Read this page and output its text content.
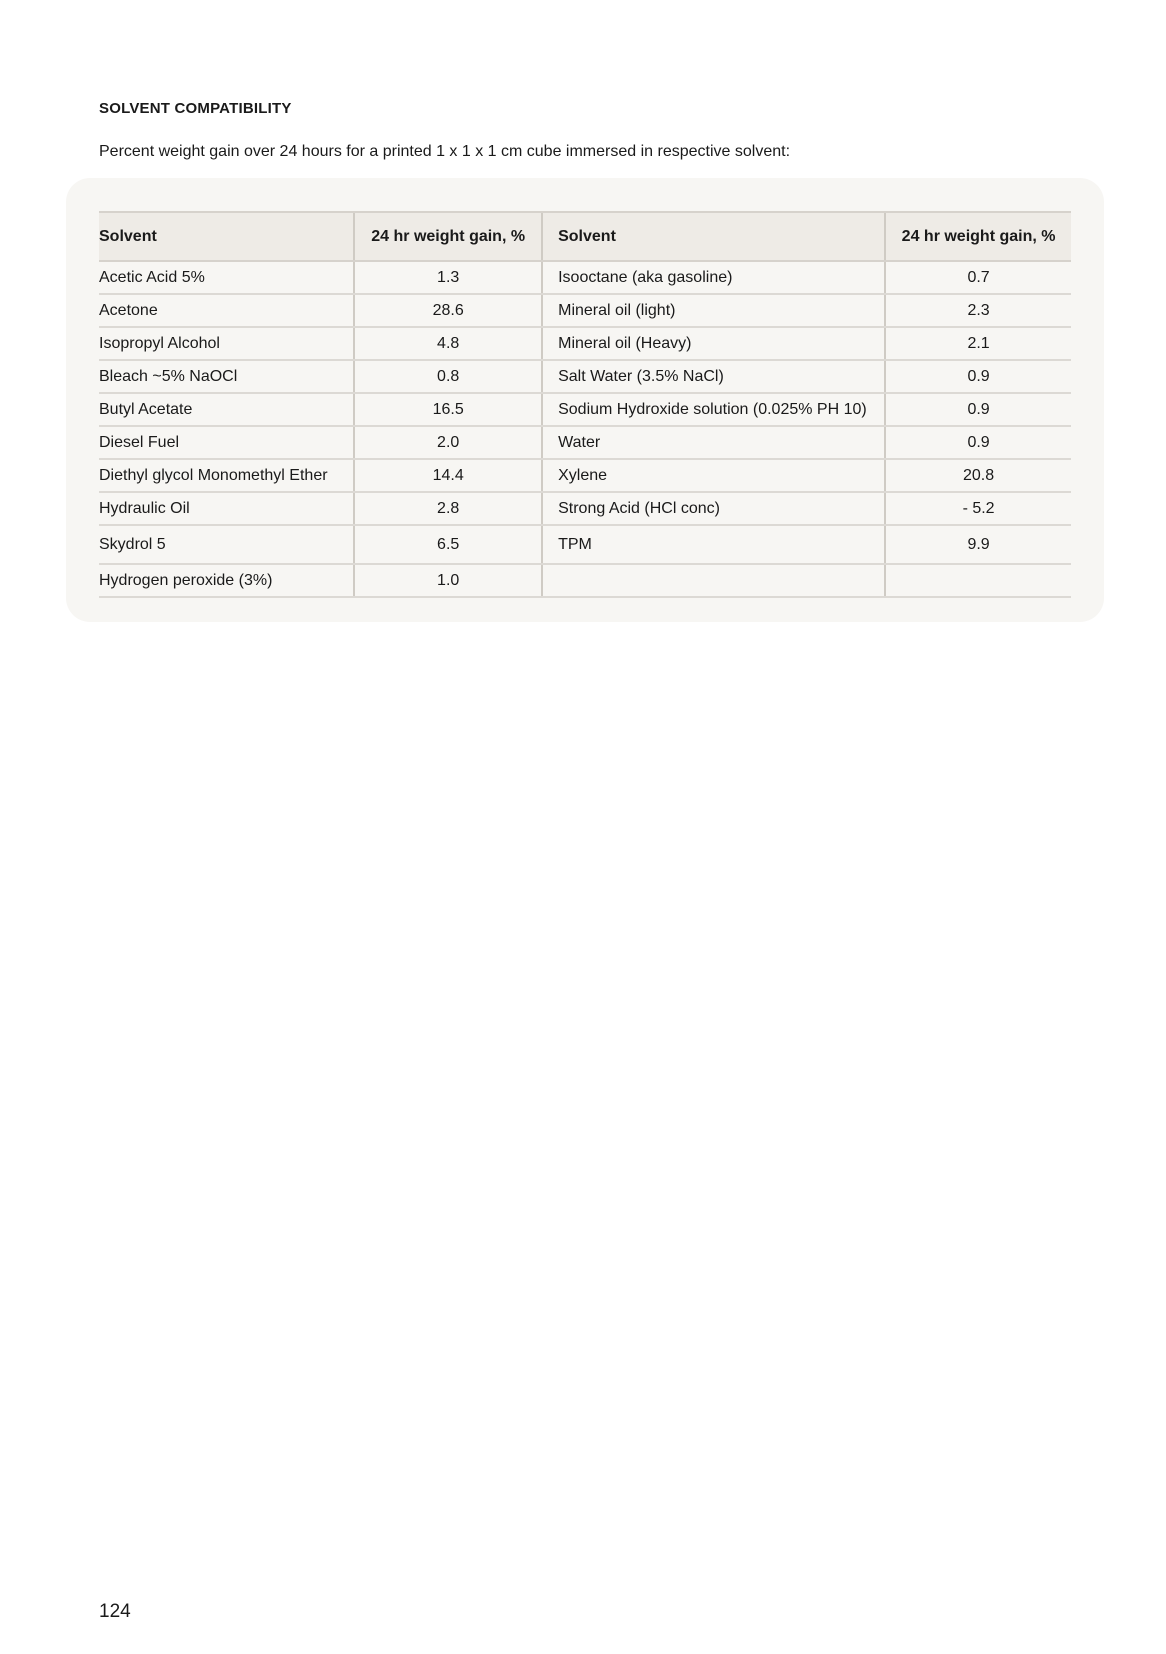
SOLVENT COMPATIBILITY
Percent weight gain over 24 hours for a printed 1 x 1 x 1 cm cube immersed in respective solvent:
Solvent	24 hr weight gain, %	Solvent	24 hr weight gain, %
Acetic Acid 5%	1.3	Isooctane (aka gasoline)	0.7
Acetone	28.6	Mineral oil (light)	2.3
Isopropyl Alcohol	4.8	Mineral oil (Heavy)	2.1
Bleach ~5% NaOCl	0.8	Salt Water (3.5% NaCl)	0.9
Butyl Acetate	16.5	Sodium Hydroxide solution (0.025% PH 10)	0.9
Diesel Fuel	2.0	Water	0.9
Diethyl glycol Monomethyl Ether	14.4	Xylene	20.8
Hydraulic Oil	2.8	Strong Acid (HCl conc)	- 5.2
Skydrol 5	6.5	TPM	9.9
Hydrogen peroxide (3%)	1.0		
124
